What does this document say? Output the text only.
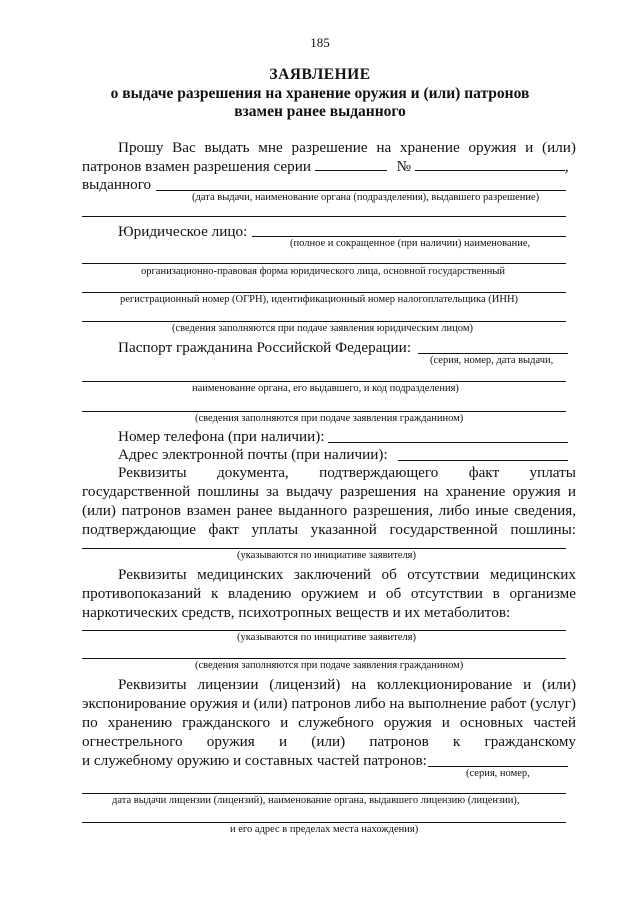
185
ЗАЯВЛЕНИЕ
о выдаче разрешения на хранение оружия и (или) патронов
взамен ранее выданного
Прошу Вас выдать мне разрешение на хранение оружия и (или)
патронов взамен разрешения серии	№	,
выданного
(дата выдачи, наименование органа (подразделения), выдавшего разрешение)
Юридическое лицо:
(полное и сокращенное (при наличии) наименование,
организационно-правовая форма юридического лица, основной государственный
регистрационный номер (ОГРН), идентификационный номер налогоплательщика (ИНН)
(сведения заполняются при подаче заявления юридическим лицом)
Паспорт гражданина Российской Федерации:
(серия, номер, дата выдачи,
наименование органа, его выдавшего, и код подразделения)
(сведения заполняются при подаче заявления гражданином)
Номер телефона (при наличии):
Адрес электронной почты (при наличии):
Реквизиты документа, подтверждающего факт уплаты
государственной пошлины за выдачу разрешения на хранение оружия и
(или) патронов взамен ранее выданного разрешения, либо иные сведения,
подтверждающие факт уплаты указанной государственной пошлины:
(указываются по инициативе заявителя)
Реквизиты медицинских заключений об отсутствии медицинских
противопоказаний к владению оружием и об отсутствии в организме
наркотических средств, психотропных веществ и их метаболитов:
(указываются по инициативе заявителя)
(сведения заполняются при подаче заявления гражданином)
Реквизиты лицензии (лицензий) на коллекционирование и (или)
экспонирование оружия и (или) патронов либо на выполнение работ (услуг)
по хранению гражданского и служебного оружия и основных частей
огнестрельного оружия и (или) патронов к гражданскому
и служебному оружию и составных частей патронов:
(серия, номер,
дата выдачи лицензии (лицензий), наименование органа, выдавшего лицензию (лицензии),
и его адрес в пределах места нахождения)
